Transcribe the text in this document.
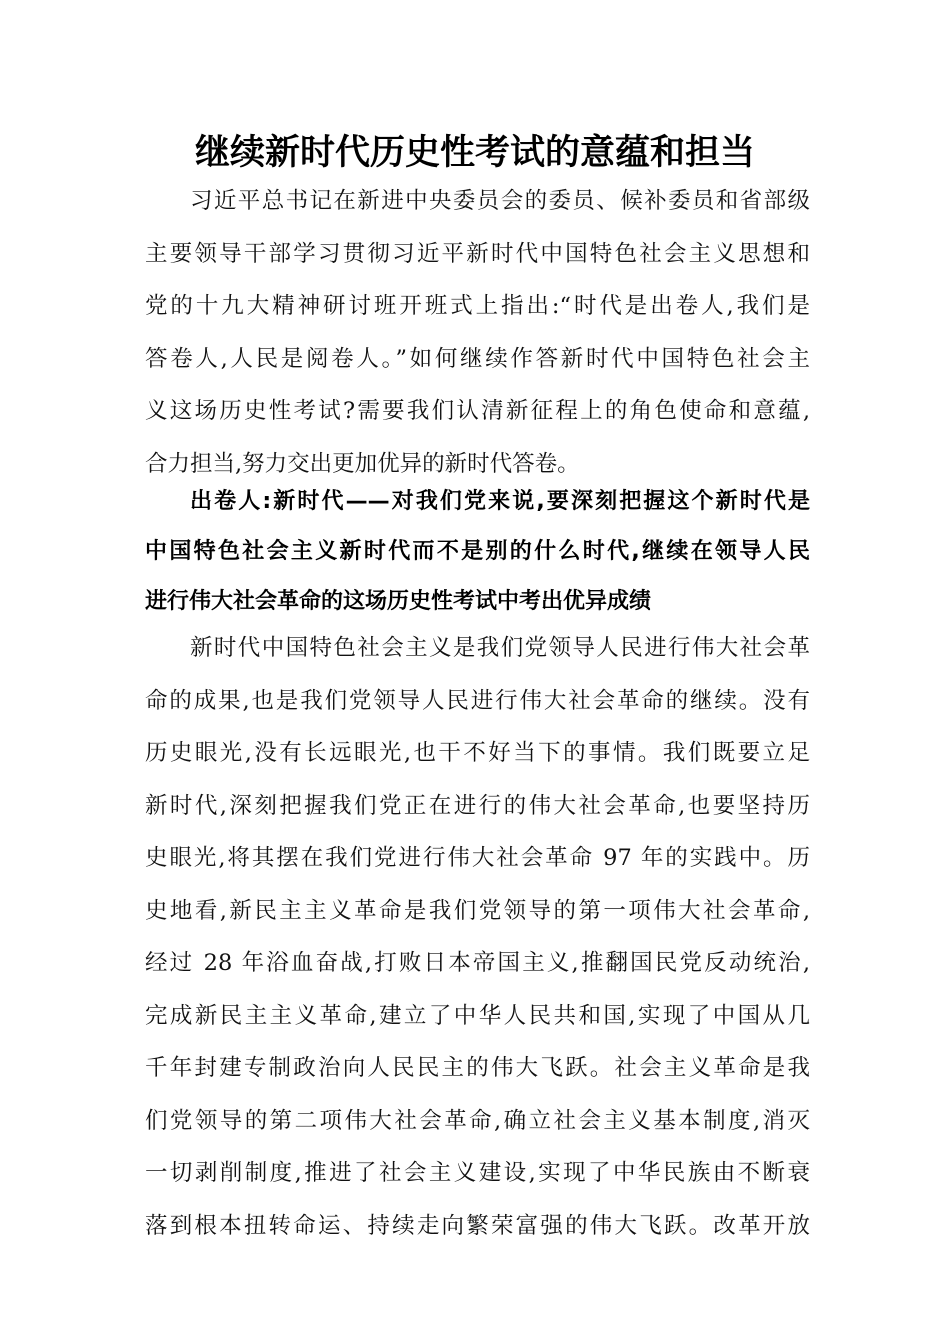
继续新时代历史性考试的意蕴和担当
习近平总书记在新进中央委员会的委员、候补委员和省部级
主要领导干部学习贯彻习近平新时代中国特色社会主义思想和
党的十九大精神研讨班开班式上指出:“时代是出卷人,我们是
答卷人,人民是阅卷人。”如何继续作答新时代中国特色社会主
义这场历史性考试?需要我们认清新征程上的角色使命和意蕴,
合力担当,努力交出更加优异的新时代答卷。
出卷人:新时代——对我们党来说,要深刻把握这个新时代是
中国特色社会主义新时代而不是别的什么时代,继续在领导人民
进行伟大社会革命的这场历史性考试中考出优异成绩
新时代中国特色社会主义是我们党领导人民进行伟大社会革
命的成果,也是我们党领导人民进行伟大社会革命的继续。没有
历史眼光,没有长远眼光,也干不好当下的事情。我们既要立足
新时代,深刻把握我们党正在进行的伟大社会革命,也要坚持历
史眼光,将其摆在我们党进行伟大社会革命 97 年的实践中。历
史地看,新民主主义革命是我们党领导的第一项伟大社会革命,
经过 28 年浴血奋战,打败日本帝国主义,推翻国民党反动统治,
完成新民主主义革命,建立了中华人民共和国,实现了中国从几
千年封建专制政治向人民民主的伟大飞跃。社会主义革命是我
们党领导的第二项伟大社会革命,确立社会主义基本制度,消灭
一切剥削制度,推进了社会主义建设,实现了中华民族由不断衰
落到根本扭转命运、持续走向繁荣富强的伟大飞跃。改革开放
